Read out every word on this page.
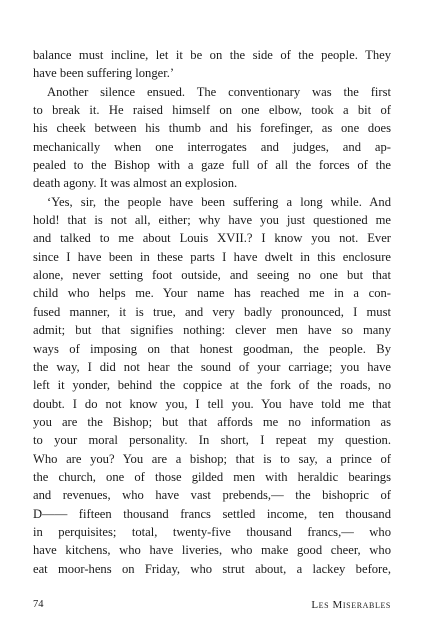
balance must incline, let it be on the side of the people. They
have been suffering longer.’
Another silence ensued. The conventionary was the first
to break it. He raised himself on one elbow, took a bit of
his cheek between his thumb and his forefinger, as one does
mechanically when one interrogates and judges, and ap-
pealed to the Bishop with a gaze full of all the forces of the
death agony. It was almost an explosion.
‘Yes, sir, the people have been suffering a long while. And
hold! that is not all, either; why have you just questioned me
and talked to me about Louis XVII.? I know you not. Ever
since I have been in these parts I have dwelt in this enclosure
alone, never setting foot outside, and seeing no one but that
child who helps me. Your name has reached me in a con-
fused manner, it is true, and very badly pronounced, I must
admit; but that signifies nothing: clever men have so many
ways of imposing on that honest goodman, the people. By
the way, I did not hear the sound of your carriage; you have
left it yonder, behind the coppice at the fork of the roads, no
doubt. I do not know you, I tell you. You have told me that
you are the Bishop; but that affords me no information as
to your moral personality. In short, I repeat my question.
Who are you? You are a bishop; that is to say, a prince of
the church, one of those gilded men with heraldic bearings
and revenues, who have vast prebends,— the bishopric of
D—— fifteen thousand francs settled income, ten thousand
in perquisites; total, twenty-five thousand francs,— who
have kitchens, who have liveries, who make good cheer, who
eat moor-hens on Friday, who strut about, a lackey before,
74	Les Miserables
